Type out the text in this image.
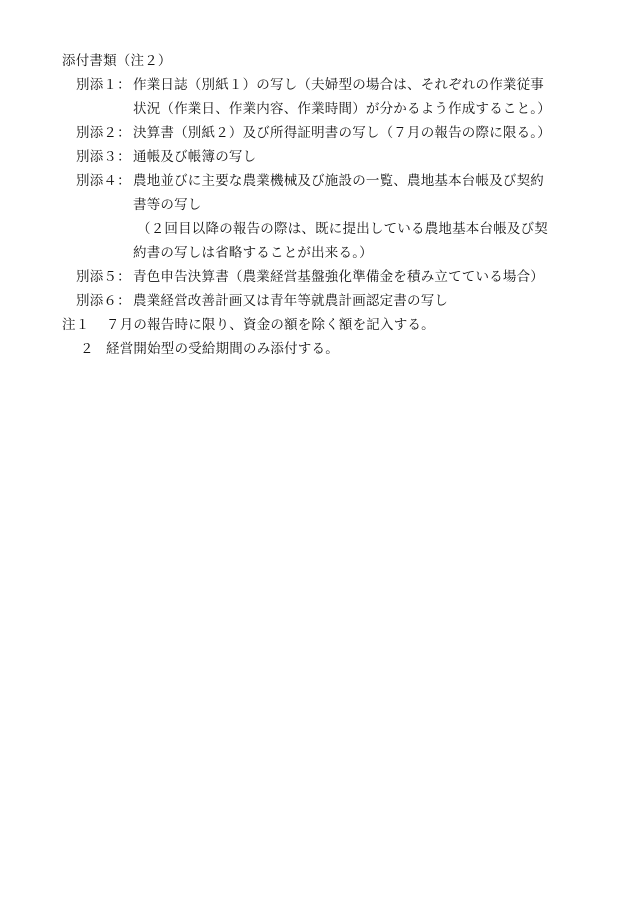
添付書類（注２）
別添１： 作業日誌（別紙１）の写し（夫婦型の場合は、それぞれの作業従事
状況（作業日、作業内容、作業時間）が分かるよう作成すること。）
別添２： 決算書（別紙２）及び所得証明書の写し（７月の報告の際に限る。）
別添３： 通帳及び帳簿の写し
別添４： 農地並びに主要な農業機械及び施設の一覧、農地基本台帳及び契約
書等の写し
（２回目以降の報告の際は、既に提出している農地基本台帳及び契
約書の写しは省略することが出来る。）
別添５： 青色申告決算書（農業経営基盤強化準備金を積み立てている場合）
別添６： 農業経営改善計画又は青年等就農計画認定書の写し
注１ ７月の報告時に限り、資金の額を除く額を記入する。
２ 経営開始型の受給期間のみ添付する。
